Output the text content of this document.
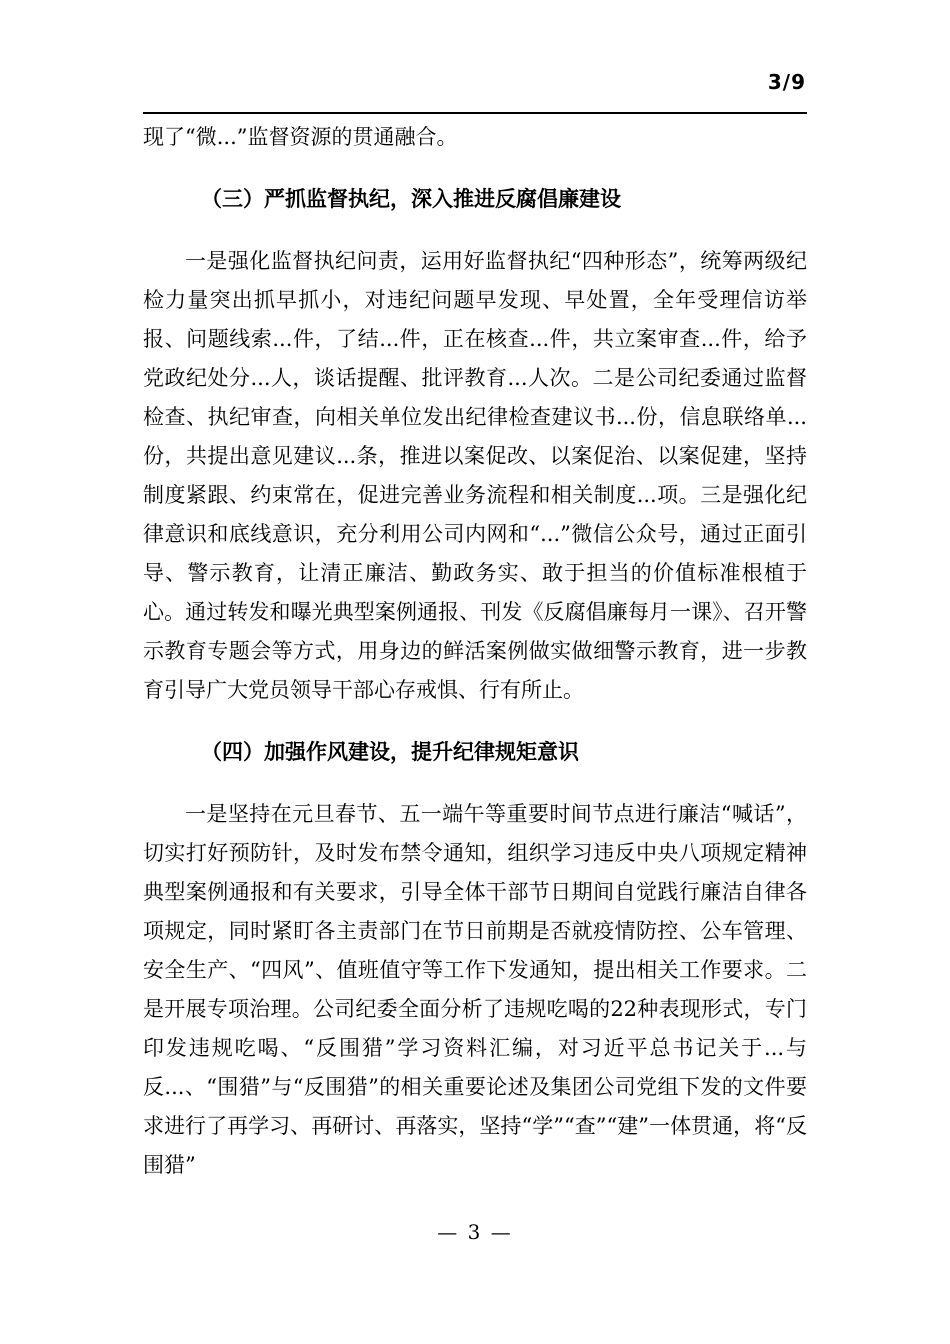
3/9

现了“微...”监督资源的贯通融合。

（三）严抓监督执纪，深入推进反腐倡廉建设

一是强化监督执纪问责，运用好监督执纪“四种形态”，统筹两级纪检力量突出抓早抓小，对违纪问题早发现、早处置，全年受理信访举报、问题线索...件，了结...件，正在核查...件，共立案审查...件，给予党政纪处分...人，谈话提醒、批评教育...人次。二是公司纪委通过监督检查、执纪审查，向相关单位发出纪律检查建议书...份，信息联络单...份，共提出意见建议...条，推进以案促改、以案促治、以案促建，坚持制度紧跟、约束常在，促进完善业务流程和相关制度...项。三是强化纪律意识和底线意识，充分利用公司内网和“...”微信公众号，通过正面引导、警示教育，让清正廉洁、勤政务实、敢于担当的价值标准根植于心。通过转发和曝光典型案例通报、刊发《反腐倡廉每月一课》、召开警示教育专题会等方式，用身边的鲜活案例做实做细警示教育，进一步教育引导广大党员领导干部心存戒惧、行有所止。

（四）加强作风建设，提升纪律规矩意识

一是坚持在元旦春节、五一端午等重要时间节点进行廉洁“喊话”，切实打好预防针，及时发布禁令通知，组织学习违反中央八项规定精神典型案例通报和有关要求，引导全体干部节日期间自觉践行廉洁自律各项规定，同时紧盯各主责部门在节日前期是否就疫情防控、公车管理、安全生产、“四风”、值班值守等工作下发通知，提出相关工作要求。二是开展专项治理。公司纪委全面分析了违规吃喝的22种表现形式，专门印发违规吃喝、“反围猎”学习资料汇编，对习近平总书记关于...与反...、“围猎”与“反围猎”的相关重要论述及集团公司党组下发的文件要求进行了再学习、再研讨、再落实，坚持“学”“查”“建”一体贯通，将“反围猎”

— 3 —
